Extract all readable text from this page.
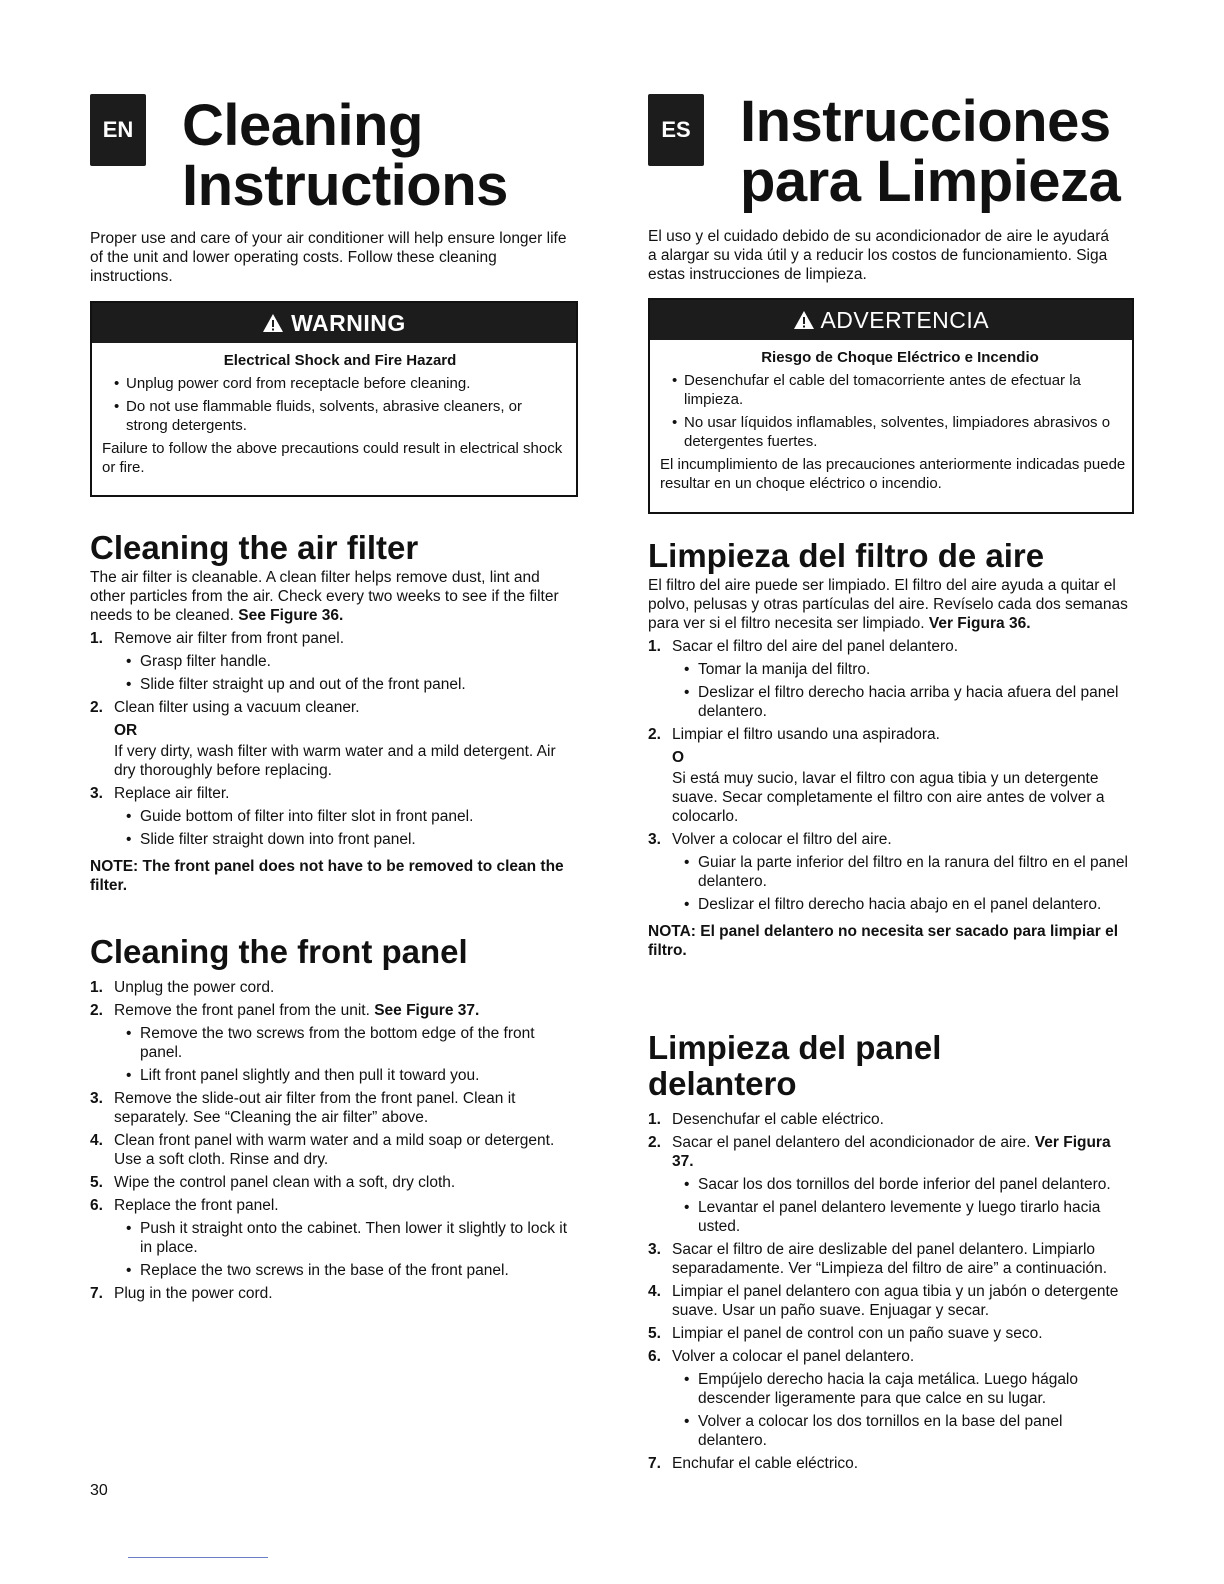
EN Cleaning
Instructions

Proper use and care of your air conditioner will help ensure longer life of the unit and lower operating costs. Follow these cleaning instructions.

WARNING
Electrical Shock and Fire Hazard
• Unplug power cord from receptacle before cleaning.
• Do not use flammable fluids, solvents, abrasive cleaners, or strong detergents.

Failure to follow the above precautions could result in electrical shock or fire.

Cleaning the air filter

The air filter is cleanable. A clean filter helps remove dust, lint and other particles from the air. Check every two weeks to see if the filter needs to be cleaned. See Figure 36.

1. Remove air filter from front panel.
• Grasp filter handle.
• Slide filter straight up and out of the front panel.
2. Clean filter using a vacuum cleaner.
OR
If very dirty, wash filter with warm water and a mild detergent. Air dry thoroughly before replacing.
3. Replace air filter.
• Guide bottom of filter into filter slot in front panel.
• Slide filter straight down into front panel.
NOTE: The front panel does not have to be removed to clean the filter.
Cleaning the front panel
1. Unplug the power cord.
2. Remove the front panel from the unit. See Figure 37.
• Remove the two screws from the bottom edge of the front panel.
• Lift front panel slightly and then pull it toward you.
3. Remove the slide-out air filter from the front panel. Clean it separately. See “Cleaning the air filter” above.
4. Clean front panel with warm water and a mild soap or detergent. Use a soft cloth. Rinse and dry.
5. Wipe the control panel clean with a soft, dry cloth.
6. Replace the front panel.
• Push it straight onto the cabinet. Then lower it slightly to lock it in place.
• Replace the two screws in the base of the front panel.
7. Plug in the power cord.
ES Instrucciones
para Limpieza

El uso y el cuidado debido de su acondicionador de aire le ayudará a alargar su vida útil y a reducir los costos de funcionamiento. Siga estas instrucciones de limpieza.

ADVERTENCIA
Riesgo de Choque Eléctrico e Incendio
• Desenchufar el cable del tomacorriente antes de efectuar la limpieza.
• No usar líquidos inflamables, solventes, limpiadores abrasivos o detergentes fuertes.

El incumplimiento de las precauciones anteriormente indicadas puede resultar en un choque eléctrico o incendio.

Limpieza del filtro de aire

El filtro del aire puede ser limpiado. El filtro del aire ayuda a quitar el polvo, pelusas y otras partículas del aire. Revíselo cada dos semanas para ver si el filtro necesita ser limpiado. Ver Figura 36.

1. Sacar el filtro del aire del panel delantero.
• Tomar la manija del filtro.
• Deslizar el filtro derecho hacia arriba y hacia afuera del panel delantero.
2. Limpiar el filtro usando una aspiradora.
O
Si está muy sucio, lavar el filtro con agua tibia y un detergente suave. Secar completamente el filtro con aire antes de volver a colocarlo.
3. Volver a colocar el filtro del aire.
• Guiar la parte inferior del filtro en la ranura del filtro en el panel delantero.
• Deslizar el filtro derecho hacia abajo en el panel delantero.
NOTA: El panel delantero no necesita ser sacado para limpiar el filtro.
Limpieza del panel
delantero
1. Desenchufar el cable eléctrico.
2. Sacar el panel delantero del acondicionador de aire. Ver Figura 37.
• Sacar los dos tornillos del borde inferior del panel delantero.
• Levantar el panel delantero levemente y luego tirarlo hacia usted.
3. Sacar el filtro de aire deslizable del panel delantero. Limpiarlo separadamente. Ver “Limpieza del filtro de aire” a continuación.
4. Limpiar el panel delantero con agua tibia y un jabón o detergente suave. Usar un paño suave. Enjuagar y secar.
5. Limpiar el panel de control con un paño suave y seco.
6. Volver a colocar el panel delantero.
• Empújelo derecho hacia la caja metálica. Luego hágalo descender ligeramente para que calce en su lugar.
• Volver a colocar los dos tornillos en la base del panel delantero.
7. Enchufar el cable eléctrico.
30
